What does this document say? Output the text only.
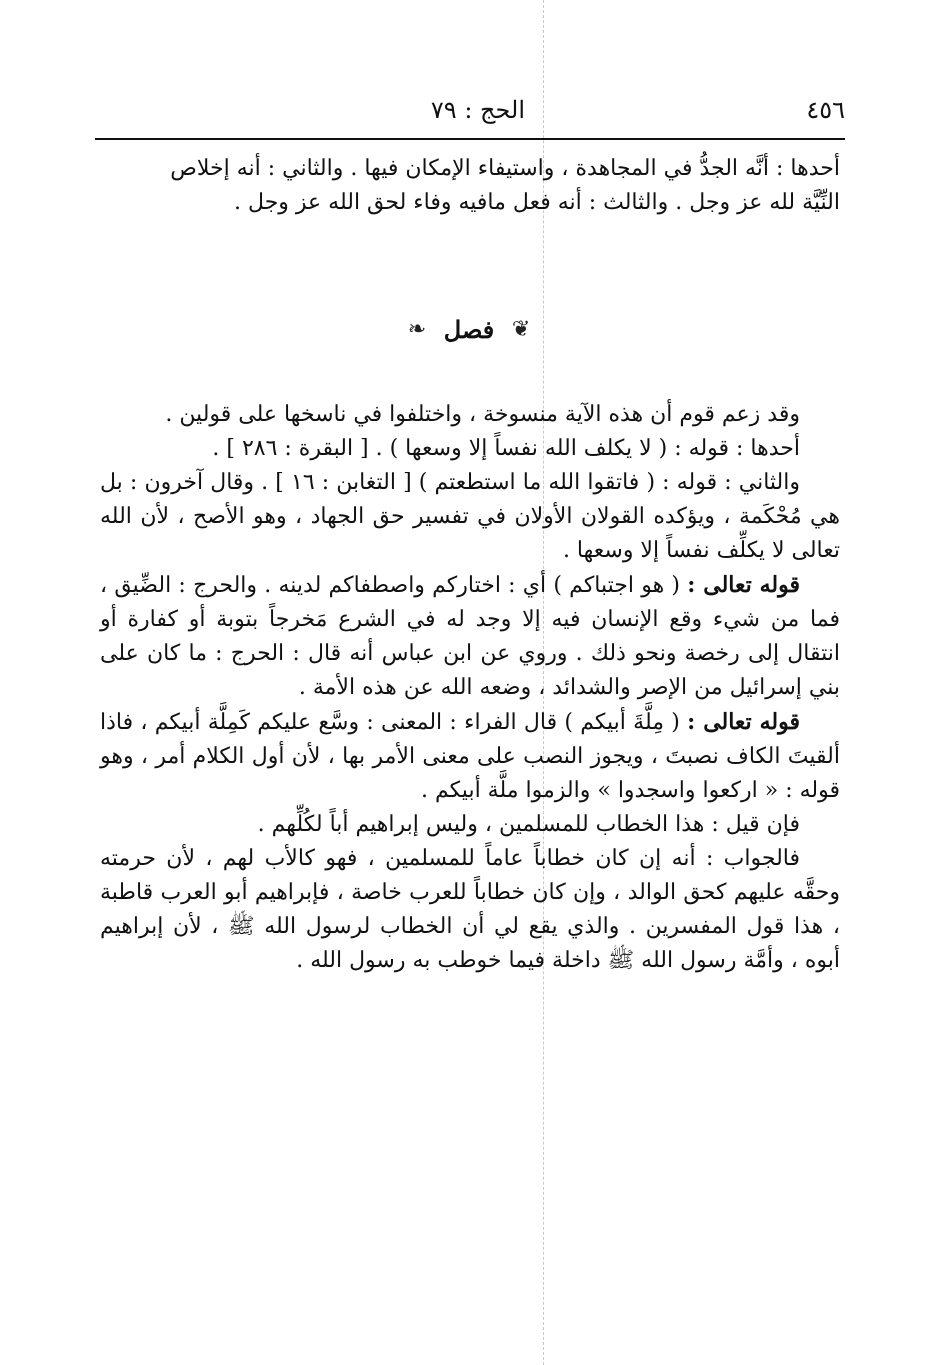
٤٥٦
الحج : ٧٩

أحدها : أنَّه الجدُّ في المجاهدة ، واستيفاء الإمكان فيها . والثاني : أنه إخلاص

النِّيَّة لله عز وجل . والثالث : أنه فعل مافيه وفاء لحق الله عز وجل .

❦ فصل ❧

وقد زعم قوم أن هذه الآية منسوخة ، واختلفوا في ناسخها على قولين .

أحدها : قوله : ( لا يكلف الله نفساً إلا وسعها ) . [ البقرة : ٢٨٦ ] .

والثاني : قوله : ( فاتقوا الله ما استطعتم ) [ التغابن : ١٦ ] . وقال آخرون : بل هي مُحْكَمة ، ويؤكده القولان الأولان في تفسير حق الجهاد ، وهو الأصح ، لأن الله تعالى لا يكلِّف نفساً إلا وسعها .

قوله تعالى : ( هو اجتباكم ) أي : اختاركم واصطفاكم لدينه . والحرج : الضِّيق ، فما من شيء وقع الإنسان فيه إلا وجد له في الشرع مَخرجاً بتوبة أو كفارة أو انتقال إلى رخصة ونحو ذلك . وروي عن ابن عباس أنه قال : الحرج : ما كان على بني إسرائيل من الإصر والشدائد ، وضعه الله عن هذه الأمة .

قوله تعالى : ( مِلَّةَ أبيكم ) قال الفراء : المعنى : وسَّع عليكم كَمِلَّة أبيكم ، فاذا ألقيتَ الكاف نصبتَ ، ويجوز النصب على معنى الأمر بها ، لأن أول الكلام أمر ، وهو قوله : « اركعوا واسجدوا » والزموا ملَّة أبيكم .

فإن قيل : هذا الخطاب للمسلمين ، وليس إبراهيم أباً لكُلِّهم .

فالجواب : أنه إن كان خطاباً عاماً للمسلمين ، فهو كالأب لهم ، لأن حرمته وحقَّه عليهم كحق الوالد ، وإن كان خطاباً للعرب خاصة ، فإبراهيم أبو العرب قاطبة ، هذا قول المفسرين . والذي يقع لي أن الخطاب لرسول الله ﷺ ، لأن إبراهيم أبوه ، وأمَّة رسول الله ﷺ داخلة فيما خوطب به رسول الله .
